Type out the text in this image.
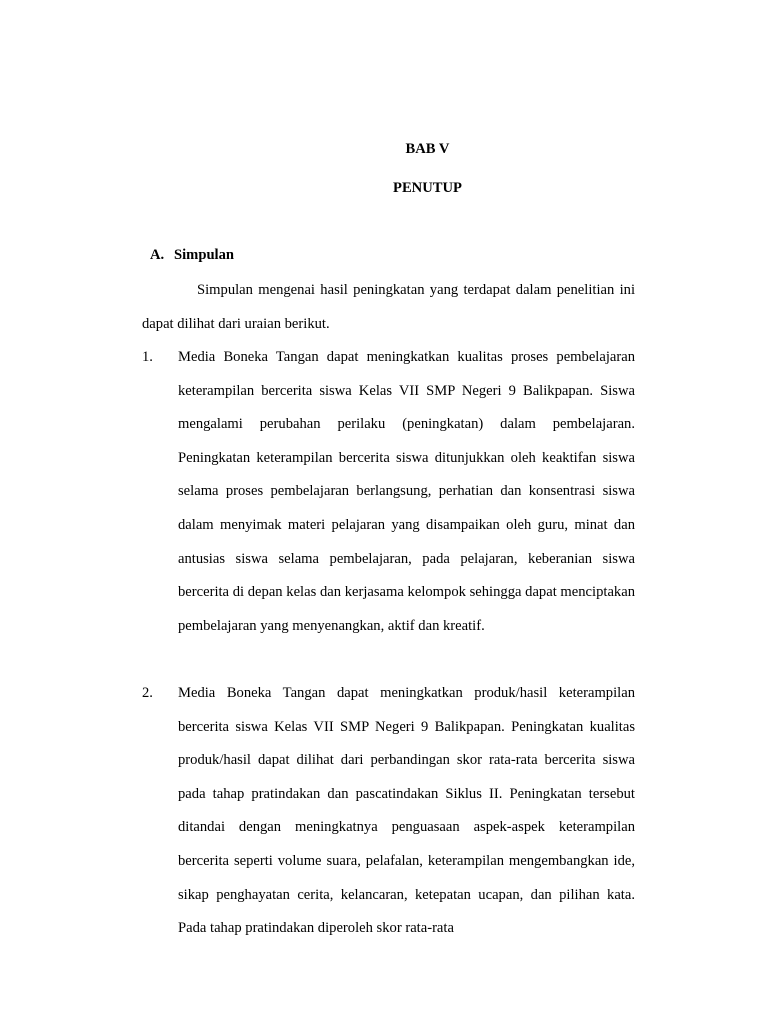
BAB V
PENUTUP
A. Simpulan
Simpulan mengenai hasil peningkatan yang terdapat dalam penelitian ini dapat dilihat dari uraian berikut.
1.	Media Boneka Tangan dapat meningkatkan kualitas proses pembelajaran keterampilan bercerita siswa Kelas VII SMP Negeri 9 Balikpapan. Siswa mengalami perubahan perilaku (peningkatan) dalam pembelajaran. Peningkatan keterampilan bercerita siswa ditunjukkan oleh keaktifan siswa selama proses pembelajaran berlangsung, perhatian dan konsentrasi siswa dalam menyimak materi pelajaran yang disampaikan oleh guru, minat dan antusias siswa selama pembelajaran, pada pelajaran, keberanian siswa bercerita di depan kelas dan kerjasama kelompok sehingga dapat menciptakan pembelajaran yang menyenangkan, aktif dan kreatif.
2.	Media Boneka Tangan dapat meningkatkan produk/hasil keterampilan bercerita siswa Kelas VII SMP Negeri 9 Balikpapan. Peningkatan kualitas produk/hasil dapat dilihat dari perbandingan skor rata-rata bercerita siswa pada tahap pratindakan dan pascatindakan Siklus II. Peningkatan tersebut ditandai dengan meningkatnya penguasaan aspek-aspek keterampilan bercerita seperti volume suara, pelafalan, keterampilan mengembangkan ide, sikap penghayatan cerita, kelancaran, ketepatan ucapan, dan pilihan kata. Pada tahap pratindakan diperoleh skor rata-rata
